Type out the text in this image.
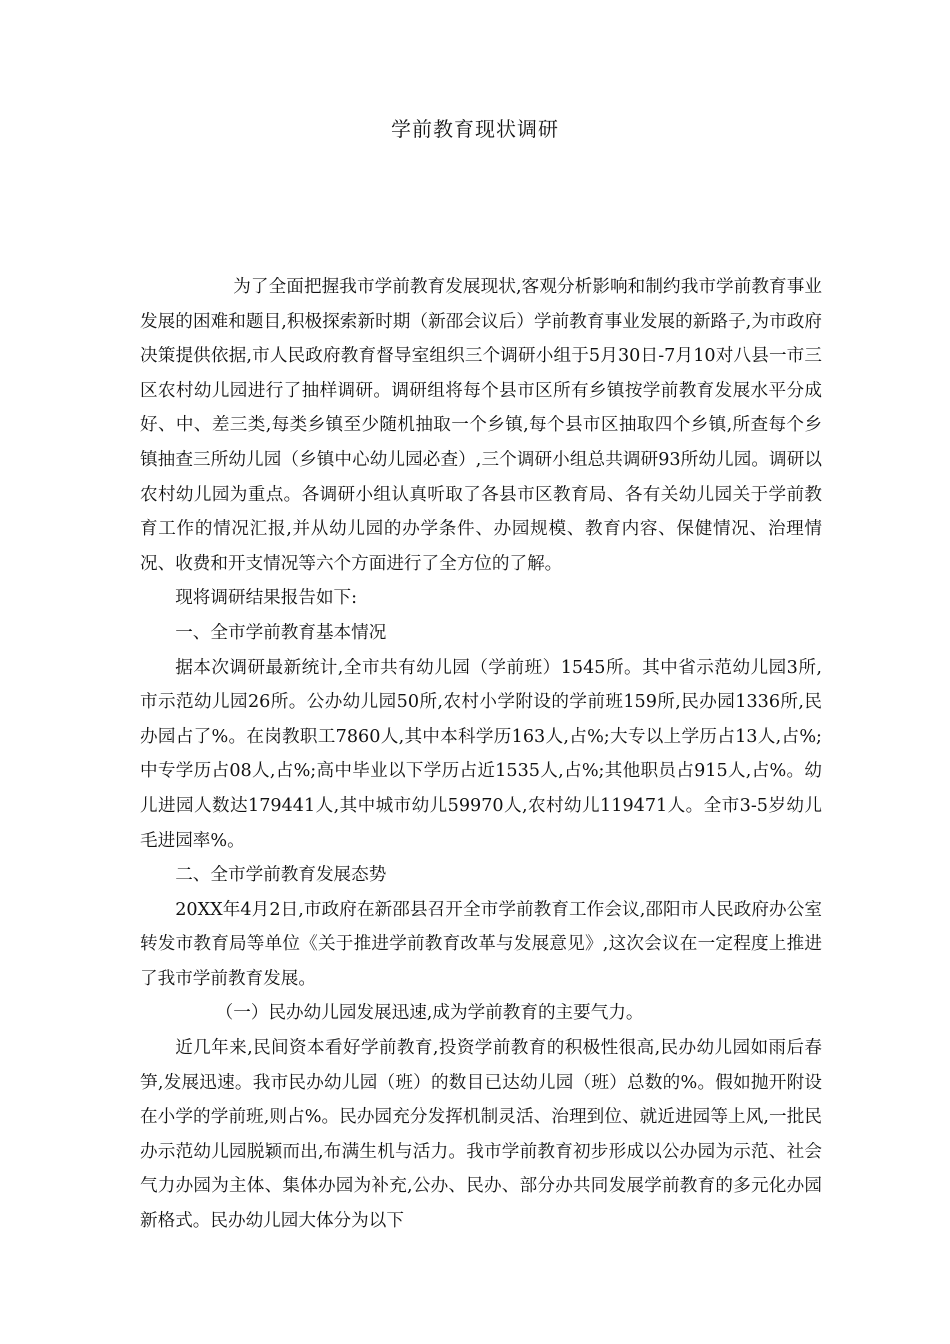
学前教育现状调研

为了全面把握我市学前教育发展现状,客观分析影响和制约我市学前教育事业发展的困难和题目,积极探索新时期（新邵会议后）学前教育事业发展的新路子,为市政府决策提供依据,市人民政府教育督导室组织三个调研小组于5月30日-7月10对八县一市三区农村幼儿园进行了抽样调研。调研组将每个县市区所有乡镇按学前教育发展水平分成好、中、差三类,每类乡镇至少随机抽取一个乡镇,每个县市区抽取四个乡镇,所查每个乡镇抽查三所幼儿园（乡镇中心幼儿园必查）,三个调研小组总共调研93所幼儿园。调研以农村幼儿园为重点。各调研小组认真听取了各县市区教育局、各有关幼儿园关于学前教育工作的情况汇报,并从幼儿园的办学条件、办园规模、教育内容、保健情况、治理情况、收费和开支情况等六个方面进行了全方位的了解。

现将调研结果报告如下:

一、全市学前教育基本情况

据本次调研最新统计,全市共有幼儿园（学前班）1545所。其中省示范幼儿园3所,市示范幼儿园26所。公办幼儿园50所,农村小学附设的学前班159所,民办园1336所,民办园占了%。在岗教职工7860人,其中本科学历163人,占%;大专以上学历占13人,占%;中专学历占08人,占%;高中毕业以下学历占近1535人,占%;其他职员占915人,占%。幼儿进园人数达179441人,其中城市幼儿59970人,农村幼儿119471人。全市3-5岁幼儿毛进园率%。

二、全市学前教育发展态势

20XX年4月2日,市政府在新邵县召开全市学前教育工作会议,邵阳市人民政府办公室转发市教育局等单位《关于推进学前教育改革与发展意见》,这次会议在一定程度上推进了我市学前教育发展。

（一）民办幼儿园发展迅速,成为学前教育的主要气力。

近几年来,民间资本看好学前教育,投资学前教育的积极性很高,民办幼儿园如雨后春笋,发展迅速。我市民办幼儿园（班）的数目已达幼儿园（班）总数的%。假如抛开附设在小学的学前班,则占%。民办园充分发挥机制灵活、治理到位、就近进园等上风,一批民办示范幼儿园脱颖而出,布满生机与活力。我市学前教育初步形成以公办园为示范、社会气力办园为主体、集体办园为补充,公办、民办、部分办共同发展学前教育的多元化办园新格式。民办幼儿园大体分为以下
